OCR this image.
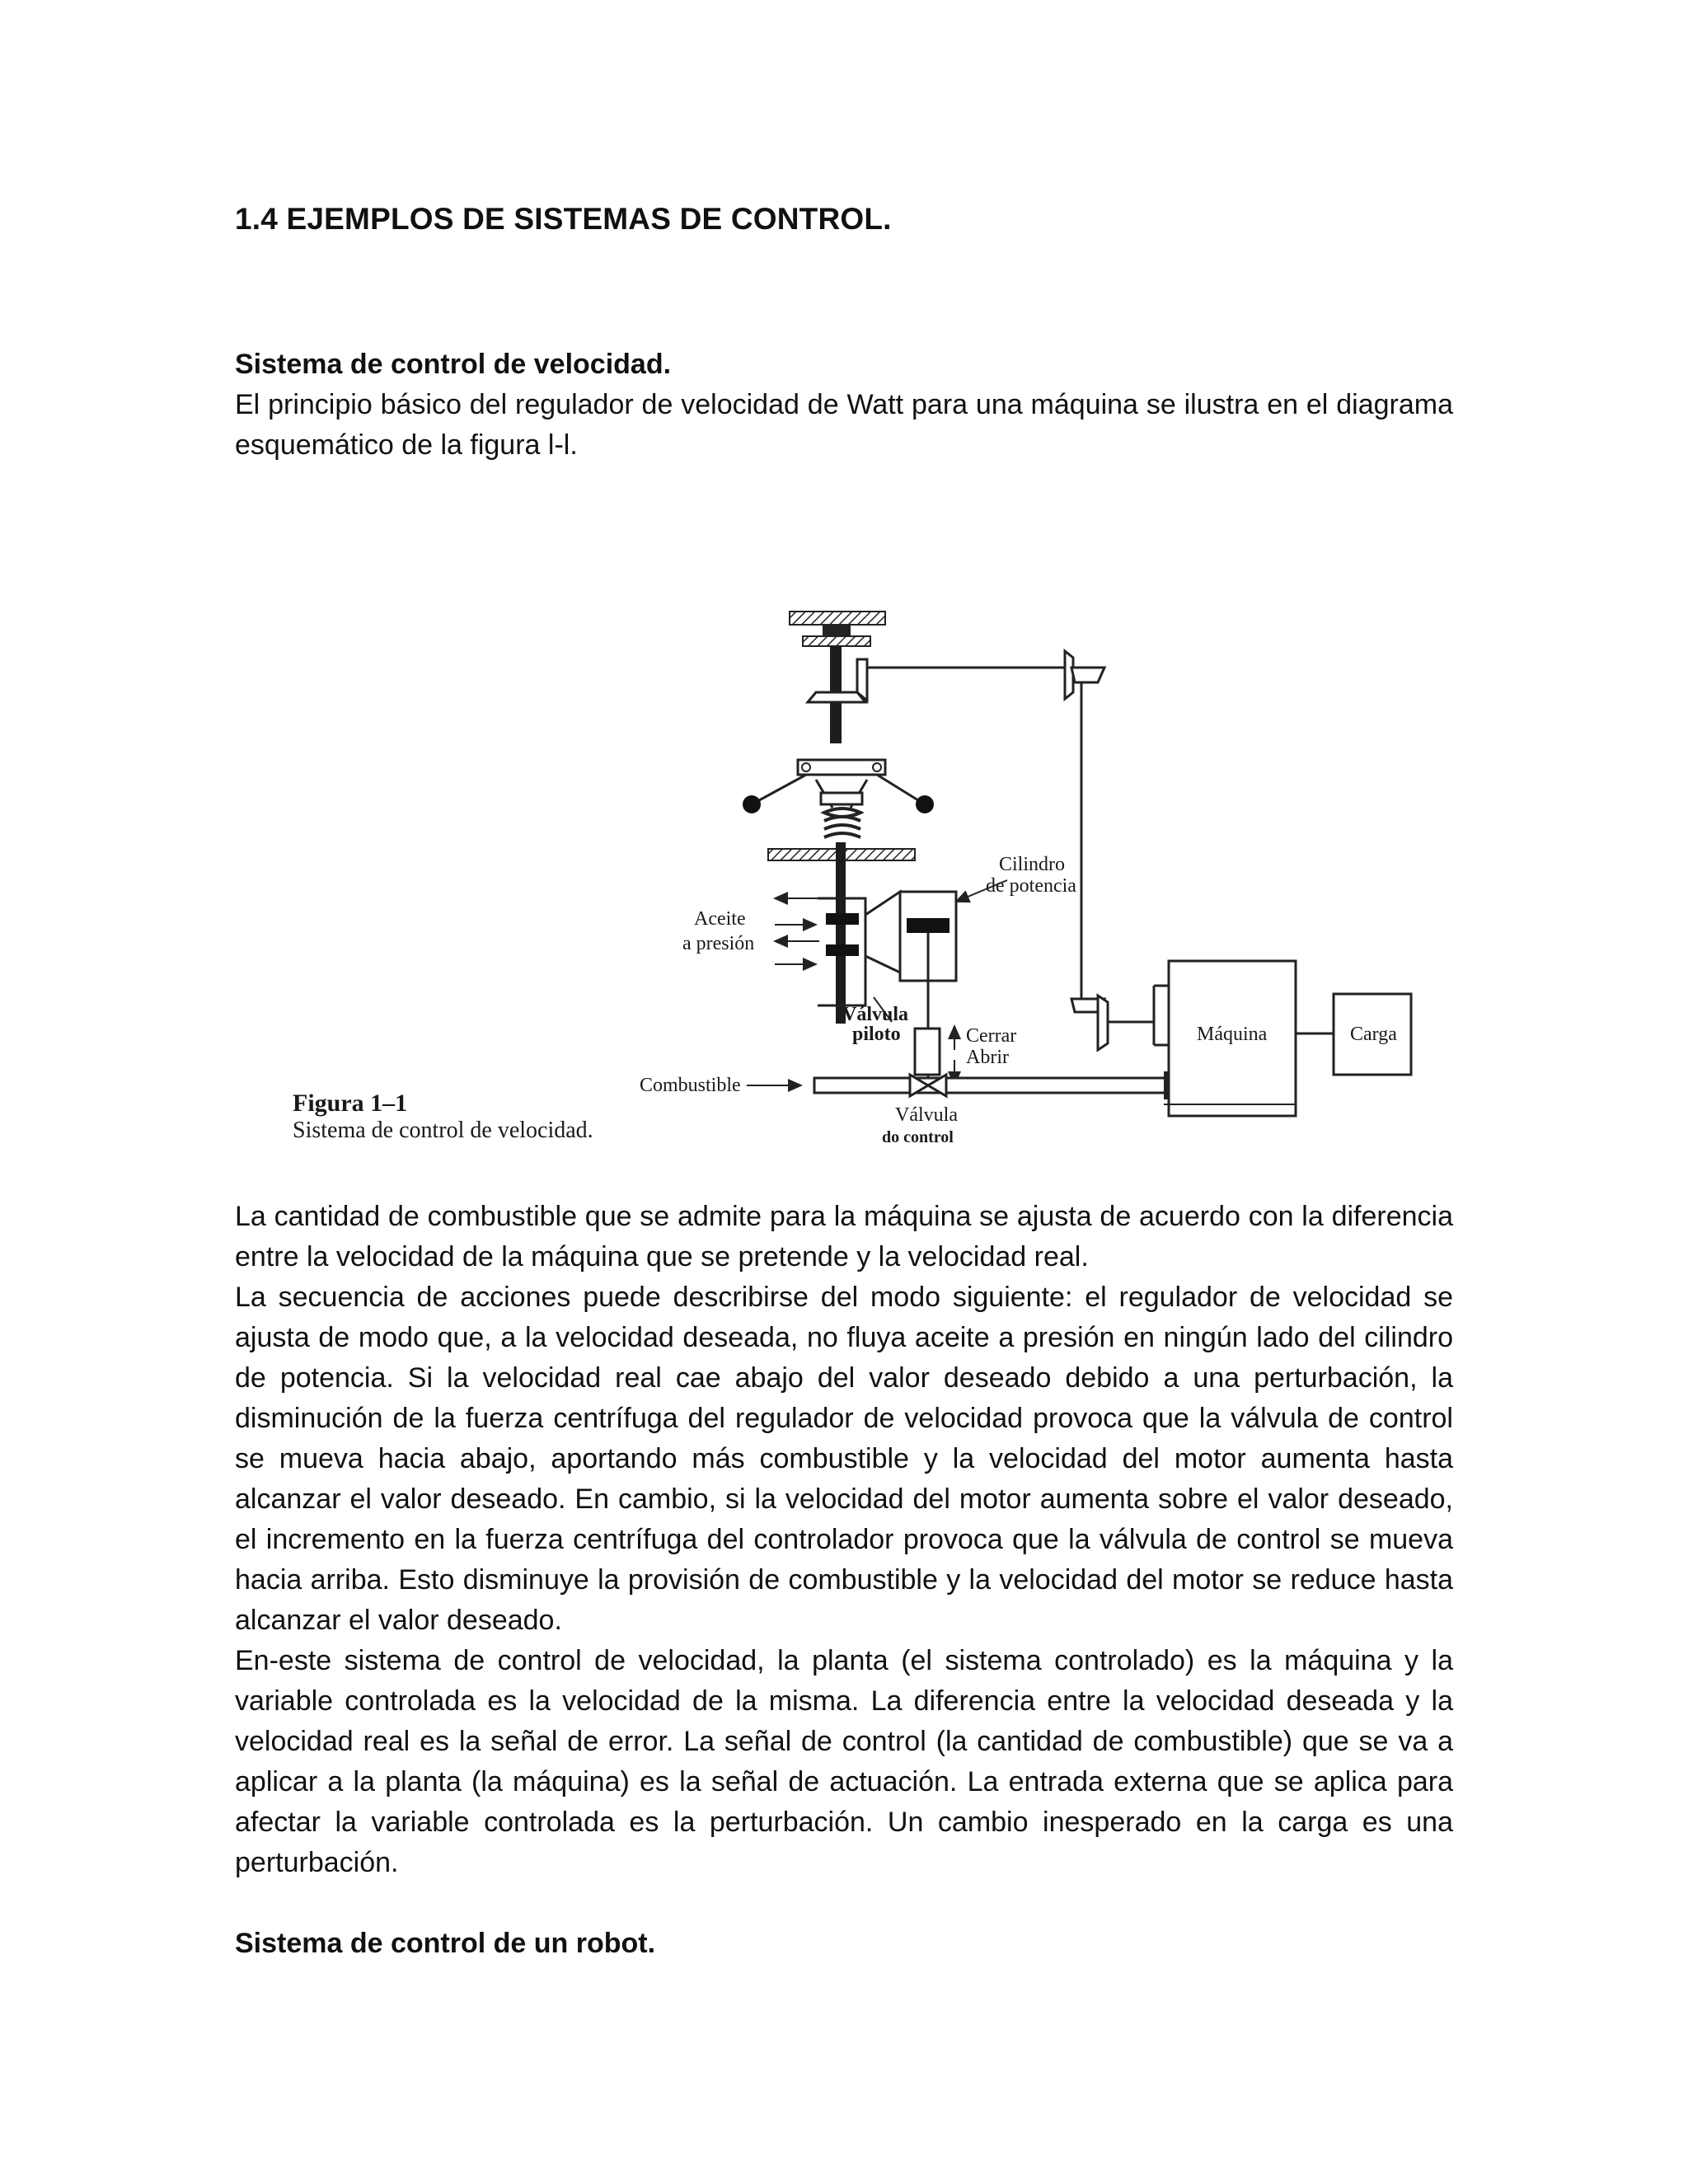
1.4 EJEMPLOS DE SISTEMAS DE CONTROL.

Sistema de control de velocidad.

El principio básico del regulador de velocidad de Watt para una máquina se ilustra en el diagrama esquemático de la figura l-l.

Cilindro
de potencia
Aceite
a presión
Válvula
piloto	Cerrar
Abrir
Combustible
Válvula
do control
Máquina	Carga

Figura 1–1

Sistema de control de velocidad.

La cantidad de combustible que se admite para la máquina se ajusta de acuerdo con la diferencia entre la velocidad de la máquina que se pretende y la velocidad real.

La secuencia de acciones puede describirse del modo siguiente: el regulador de velocidad se ajusta de modo que, a la velocidad deseada, no fluya aceite a presión en ningún lado del cilindro de potencia. Si la velocidad real cae abajo del valor deseado debido a una perturbación, la disminución de la fuerza centrífuga del regulador de velocidad provoca que la válvula de control se mueva hacia abajo, aportando más combustible y la velocidad del motor aumenta hasta alcanzar el valor deseado. En cambio, si la velocidad del motor aumenta sobre el valor deseado, el incremento en la fuerza centrífuga del controlador provoca que la válvula de control se mueva hacia arriba. Esto disminuye la provisión de combustible y la velocidad del motor se reduce hasta alcanzar el valor deseado.

En-este sistema de control de velocidad, la planta (el sistema controlado) es la máquina y la variable controlada es la velocidad de la misma. La diferencia entre la velocidad deseada y la velocidad real es la señal de error. La señal de control (la cantidad de combustible) que se va a aplicar a la planta (la máquina) es la señal de actuación. La entrada externa que se aplica para afectar la variable controlada es la perturbación. Un cambio inesperado en la carga es una perturbación.

Sistema de control de un robot.
